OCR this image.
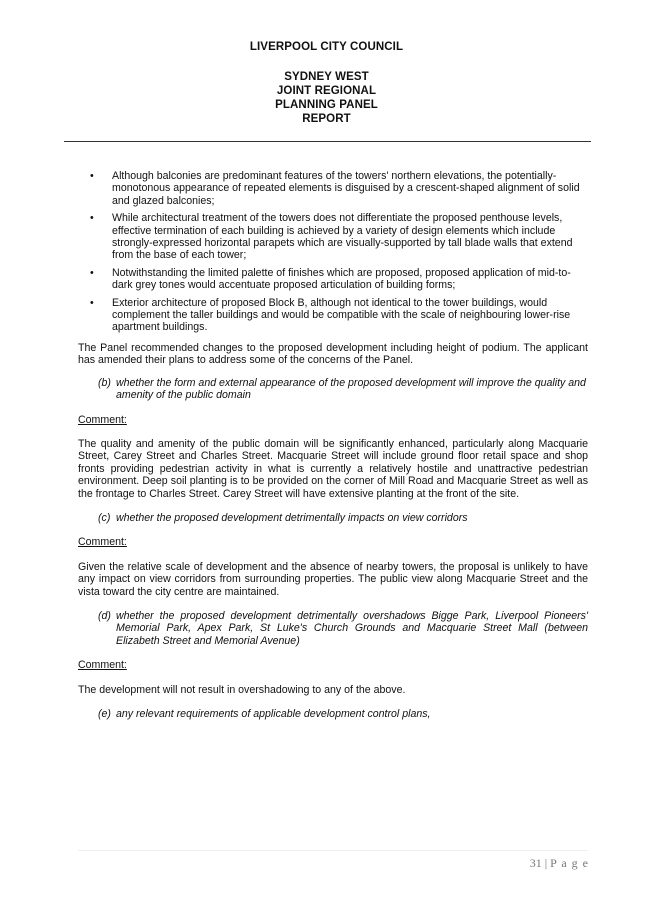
LIVERPOOL CITY COUNCIL
SYDNEY WEST
JOINT REGIONAL
PLANNING PANEL
REPORT
• Although balconies are predominant features of the towers' northern elevations, the potentially-monotonous appearance of repeated elements is disguised by a crescent-shaped alignment of solid and glazed balconies;
• While architectural treatment of the towers does not differentiate the proposed penthouse levels, effective termination of each building is achieved by a variety of design elements which include strongly-expressed horizontal parapets which are visually-supported by tall blade walls that extend from the base of each tower;
• Notwithstanding the limited palette of finishes which are proposed, proposed application of mid-to-dark grey tones would accentuate proposed articulation of building forms;
• Exterior architecture of proposed Block B, although not identical to the tower buildings, would complement the taller buildings and would be compatible with the scale of neighbouring lower-rise apartment buildings.

The Panel recommended changes to the proposed development including height of podium. The applicant has amended their plans to address some of the concerns of the Panel.

(b) whether the form and external appearance of the proposed development will improve the quality and amenity of the public domain

Comment:

The quality and amenity of the public domain will be significantly enhanced, particularly along Macquarie Street, Carey Street and Charles Street. Macquarie Street will include ground floor retail space and shop fronts providing pedestrian activity in what is currently a relatively hostile and unattractive pedestrian environment. Deep soil planting is to be provided on the corner of Mill Road and Macquarie Street as well as the frontage to Charles Street. Carey Street will have extensive planting at the front of the site.

(c) whether the proposed development detrimentally impacts on view corridors

Comment:

Given the relative scale of development and the absence of nearby towers, the proposal is unlikely to have any impact on view corridors from surrounding properties. The public view along Macquarie Street and the vista toward the city centre are maintained.

(d) whether the proposed development detrimentally overshadows Bigge Park, Liverpool Pioneers' Memorial Park, Apex Park, St Luke's Church Grounds and Macquarie Street Mall (between Elizabeth Street and Memorial Avenue)

Comment:

The development will not result in overshadowing to any of the above.

(e) any relevant requirements of applicable development control plans,

31 | P a g e
